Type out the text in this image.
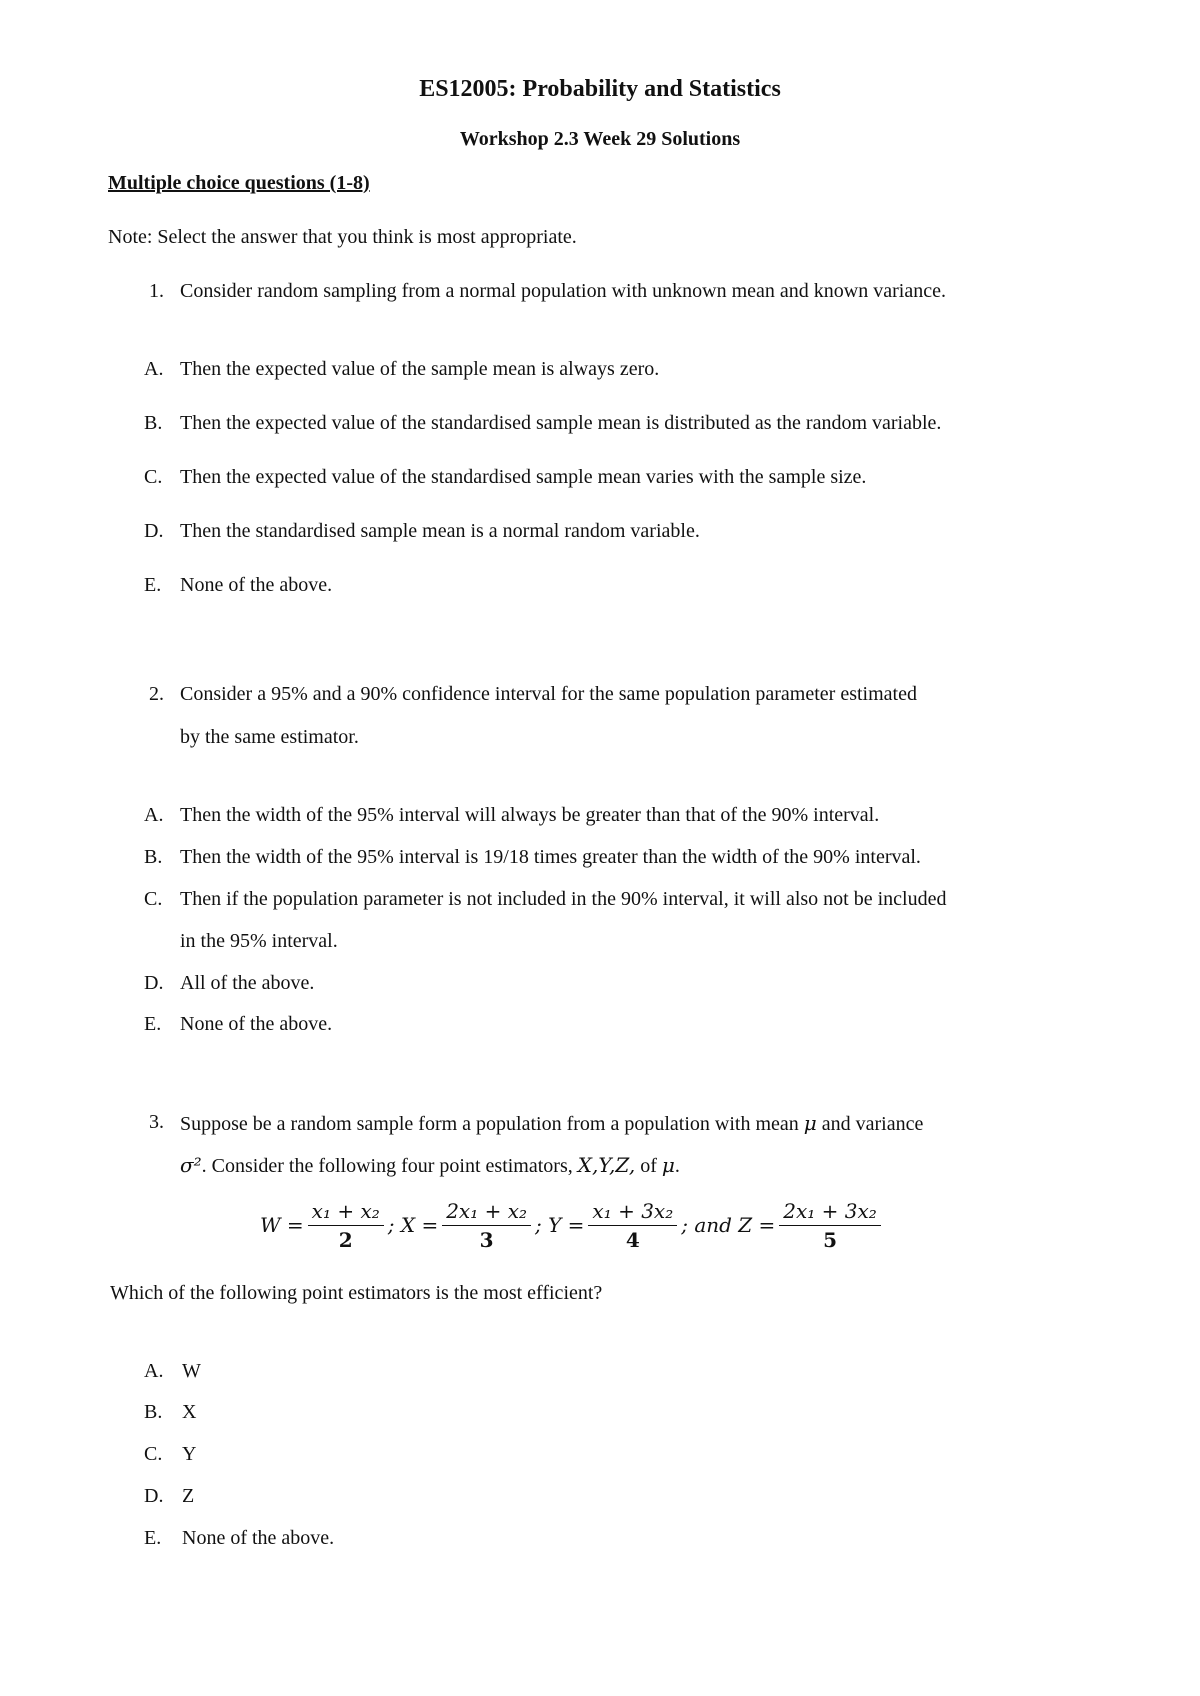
ES12005: Probability and Statistics
Workshop 2.3 Week 29 Solutions
Multiple choice questions (1-8)
Note: Select the answer that you think is most appropriate.
1. Consider random sampling from a normal population with unknown mean and known variance.
A. Then the expected value of the sample mean is always zero.
B. Then the expected value of the standardised sample mean is distributed as the random variable.
C. Then the expected value of the standardised sample mean varies with the sample size.
D. Then the standardised sample mean is a normal random variable.
E. None of the above.
2. Consider a 95% and a 90% confidence interval for the same population parameter estimated
by the same estimator.
A. Then the width of the 95% interval will always be greater than that of the 90% interval.
B. Then the width of the 95% interval is 19/18 times greater than the width of the 90% interval.
C. Then if the population parameter is not included in the 90% interval, it will also not be included
in the 95% interval.
D. All of the above.
E. None of the above.
3. Suppose be a random sample form a population from a population with mean μ and variance
σ². Consider the following four point estimators, X,Y,Z, of μ.
$W = \frac{\text{x₁ + x₂}}{2}$ ; $X = \frac{\text{2x₁ + x₂}}{3}$ ; $Y = \frac{\text{x₁ + 3x₂}}{4}$ ; and $Z = \frac{\text{2x₁ + 3x₂}}{5}$
Which of the following point estimators is the most efficient?
A. W
B. X
C. Y
D. Z
E.	None of the above.
